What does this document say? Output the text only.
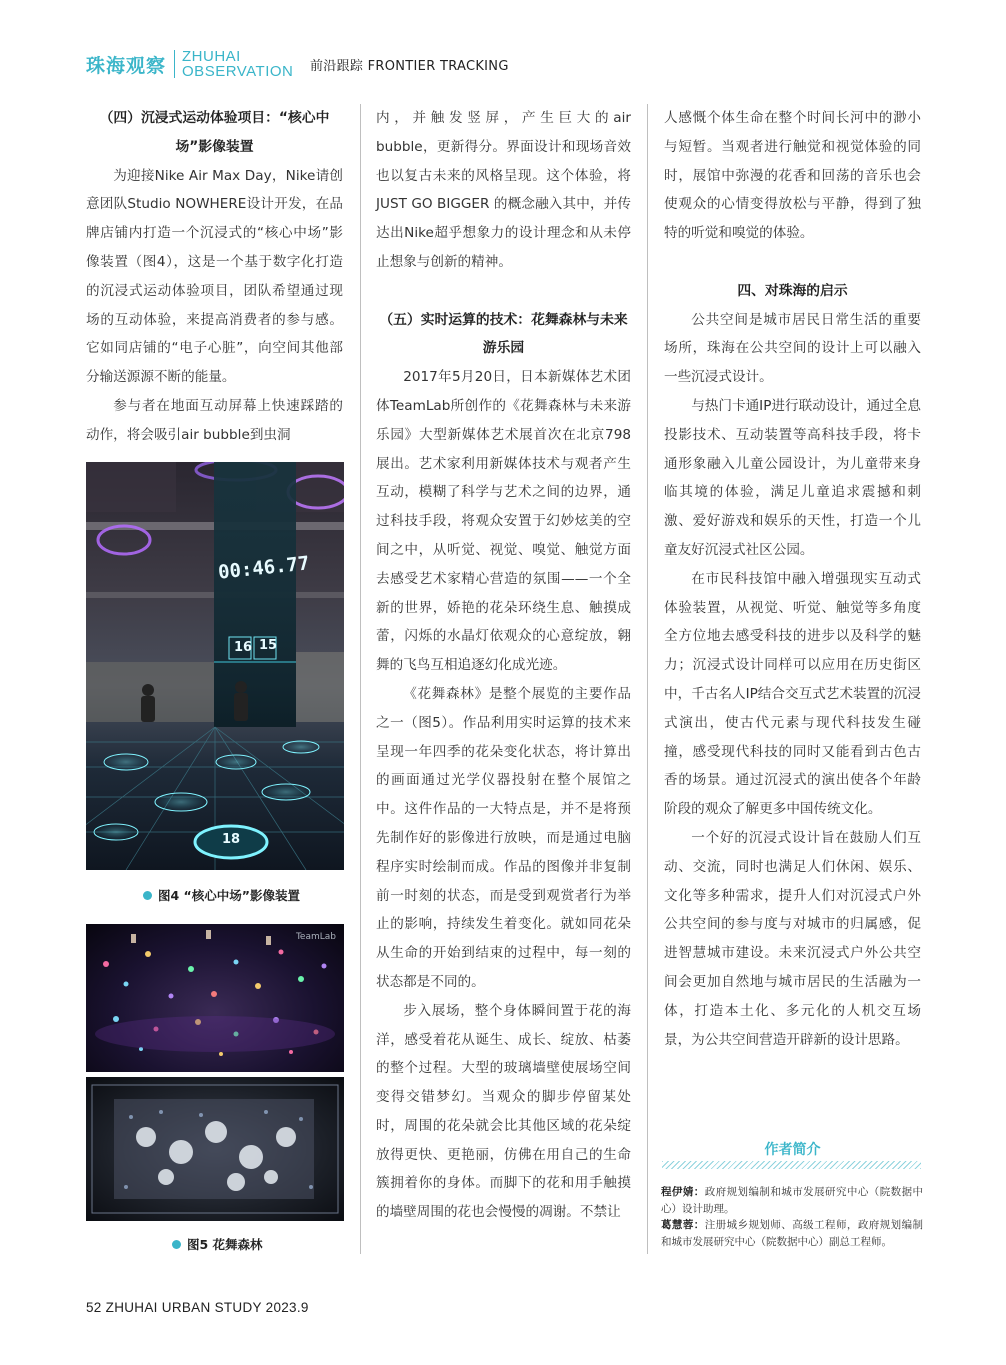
珠海观察 ZHUHAI
OBSERVATION 前沿跟踪 FRONTIER TRACKING
（四）沉浸式运动体验项目：“核心中场”影像装置

为迎接Nike Air Max Day，Nike请创意团队Studio NOWHERE设计开发，在品牌店铺内打造一个沉浸式的“核心中场”影像装置（图4），这是一个基于数字化打造的沉浸式运动体验项目，团队希望通过现场的互动体验，来提高消费者的参与感。它如同店铺的“电子心脏”，向空间其他部分输送源源不断的能量。

参与者在地面互动屏幕上快速踩踏的动作，将会吸引air bubble到虫洞

00:46.77
16 15
18
图4 “核心中场”影像装置
TeamLab
图5 花舞森林

内，并触发竖屏，产生巨大的air bubble，更新得分。界面设计和现场音效也以复古未来的风格呈现。这个体验，将 JUST GO BIGGER 的概念融入其中，并传达出Nike超乎想象力的设计理念和从未停止想象与创新的精神。

（五）实时运算的技术：花舞森林与未来游乐园

2017年5月20日，日本新媒体艺术团体TeamLab所创作的《花舞森林与未来游乐园》大型新媒体艺术展首次在北京798展出。艺术家利用新媒体技术与观者产生互动，模糊了科学与艺术之间的边界，通过科技手段，将观众安置于幻妙炫美的空间之中，从听觉、视觉、嗅觉、触觉方面去感受艺术家精心营造的氛围——一个全新的世界，娇艳的花朵环绕生息、触摸成蕾，闪烁的水晶灯依观众的心意绽放，翱舞的飞鸟互相追逐幻化成光迹。

《花舞森林》是整个展览的主要作品之一（图5）。作品利用实时运算的技术来呈现一年四季的花朵变化状态，将计算出的画面通过光学仪器投射在整个展馆之中。这件作品的一大特点是，并不是将预先制作好的影像进行放映，而是通过电脑程序实时绘制而成。作品的图像并非复制前一时刻的状态，而是受到观赏者行为举止的影响，持续发生着变化。就如同花朵从生命的开始到结束的过程中，每一刻的状态都是不同的。

步入展场，整个身体瞬间置于花的海洋，感受着花从诞生、成长、绽放、枯萎的整个过程。大型的玻璃墙壁使展场空间变得交错梦幻。当观众的脚步停留某处时，周围的花朵就会比其他区域的花朵绽放得更快、更艳丽，仿佛在用自己的生命簇拥着你的身体。而脚下的花和用手触摸的墙壁周围的花也会慢慢的凋谢。不禁让

人感慨个体生命在整个时间长河中的渺小与短暂。当观者进行触觉和视觉体验的同时，展馆中弥漫的花香和回荡的音乐也会使观众的心情变得放松与平静，得到了独特的听觉和嗅觉的体验。

四、对珠海的启示

公共空间是城市居民日常生活的重要场所，珠海在公共空间的设计上可以融入一些沉浸式设计。

与热门卡通IP进行联动设计，通过全息投影技术、互动装置等高科技手段，将卡通形象融入儿童公园设计，为儿童带来身临其境的体验，满足儿童追求震撼和刺激、爱好游戏和娱乐的天性，打造一个儿童友好沉浸式社区公园。

在市民科技馆中融入增强现实互动式体验装置，从视觉、听觉、触觉等多角度全方位地去感受科技的进步以及科学的魅力；沉浸式设计同样可以应用在历史街区中，千古名人IP结合交互式艺术装置的沉浸式演出，使古代元素与现代科技发生碰撞，感受现代科技的同时又能看到古色古香的场景。通过沉浸式的演出使各个年龄阶段的观众了解更多中国传统文化。

一个好的沉浸式设计旨在鼓励人们互动、交流，同时也满足人们休闲、娱乐、文化等多种需求，提升人们对沉浸式户外公共空间的参与度与对城市的归属感，促进智慧城市建设。未来沉浸式户外公共空间会更加自然地与城市居民的生活融为一体，打造本土化、多元化的人机交互场景，为公共空间营造开辟新的设计思路。

作者简介
程伊婧：政府规划编制和城市发展研究中心（院数据中心）设计助理。
葛慧蓉：注册城乡规划师、高级工程师，政府规划编制和城市发展研究中心（院数据中心）副总工程师。
52 ZHUHAI URBAN STUDY 2023.9
